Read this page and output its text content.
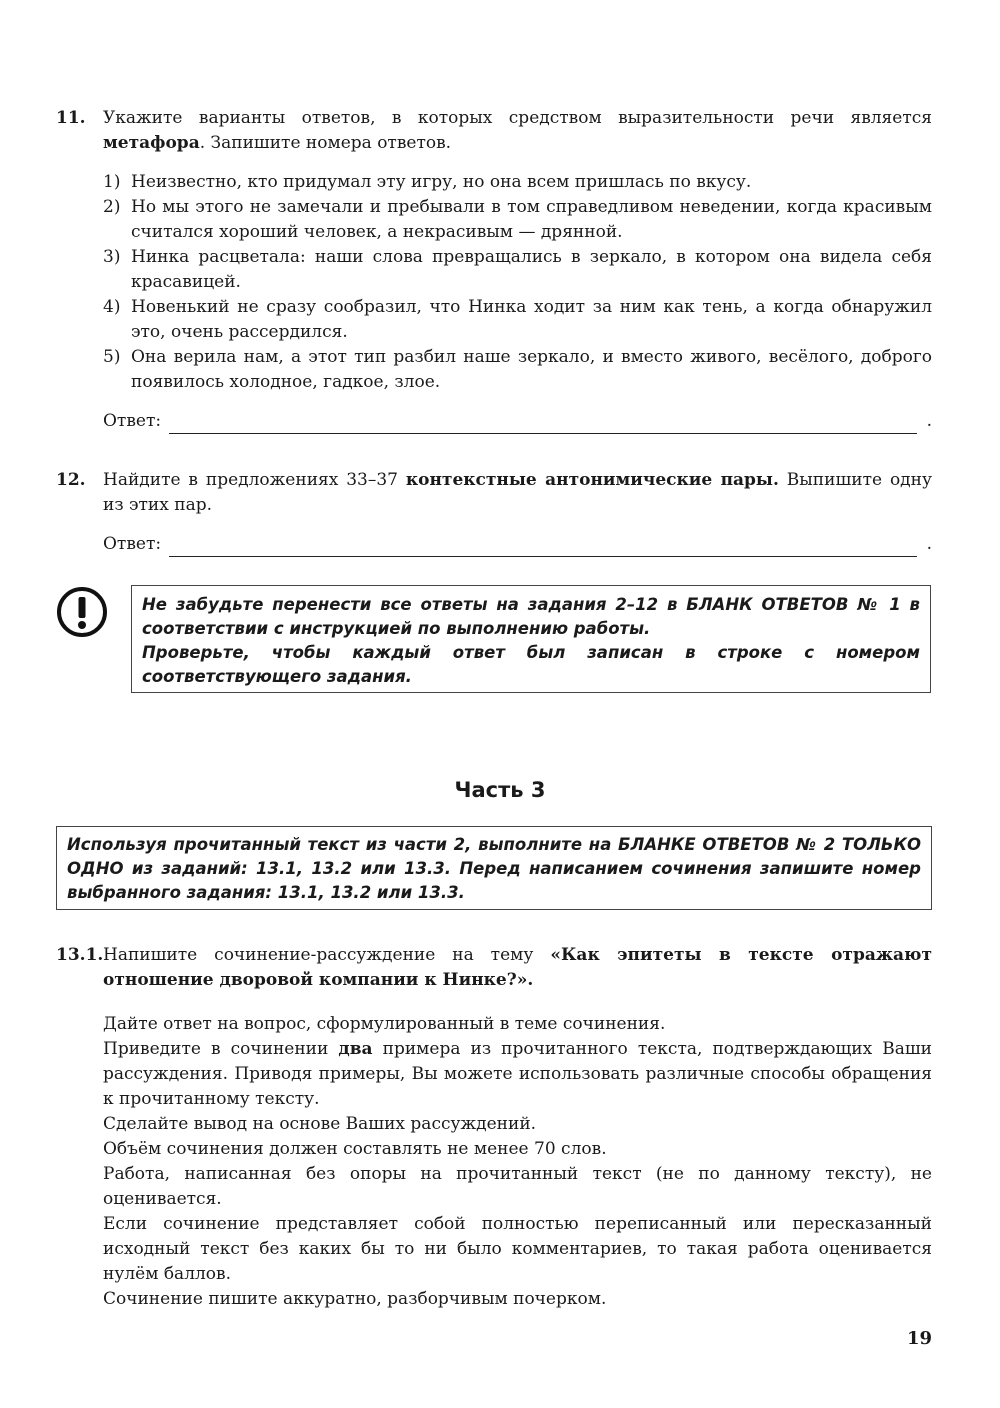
11. Укажите варианты ответов, в которых средством выразительности речи является метафора. Запишите номера ответов.

1) Неизвестно, кто придумал эту игру, но она всем пришлась по вкусу.
2) Но мы этого не замечали и пребывали в том справедливом неведении, когда красивым считался хороший человек, а некрасивым — дрянной.
3) Нинка расцветала: наши слова превращались в зеркало, в котором она видела себя красавицей.
4) Новенький не сразу сообразил, что Нинка ходит за ним как тень, а когда обнаружил это, очень рассердился.
5) Она верила нам, а этот тип разбил наше зеркало, и вместо живого, весёлого, доброго появилось холодное, гадкое, злое.
Ответ:	.
12. Найдите в предложениях 33–37 контекстные антонимические пары. Выпишите одну из этих пар.

Ответ:	.

Не забудьте перенести все ответы на задания 2–12 в БЛАНК ОТВЕТОВ № 1 в соответствии с инструкцией по выполнению работы.

Проверьте, чтобы каждый ответ был записан в строке с номером соответствующего задания.

Часть 3
Используя прочитанный текст из части 2, выполните на БЛАНКЕ ОТВЕТОВ № 2 ТОЛЬКО ОДНО из заданий: 13.1, 13.2 или 13.3. Перед написанием сочинения запишите номер выбранного задания: 13.1, 13.2 или 13.3.
13.1. Напишите сочинение-рассуждение на тему «Как эпитеты в тексте отражают отношение дворовой компании к Нинке?».

Дайте ответ на вопрос, сформулированный в теме сочинения.

Приведите в сочинении два примера из прочитанного текста, подтверждающих Ваши рассуждения. Приводя примеры, Вы можете использовать различные способы обращения к прочитанному тексту.

Сделайте вывод на основе Ваших рассуждений.

Объём сочинения должен составлять не менее 70 слов.

Работа, написанная без опоры на прочитанный текст (не по данному тексту), не оценивается.

Если сочинение представляет собой полностью переписанный или пересказанный исходный текст без каких бы то ни было комментариев, то такая работа оценивается нулём баллов.

Сочинение пишите аккуратно, разборчивым почерком.

19
